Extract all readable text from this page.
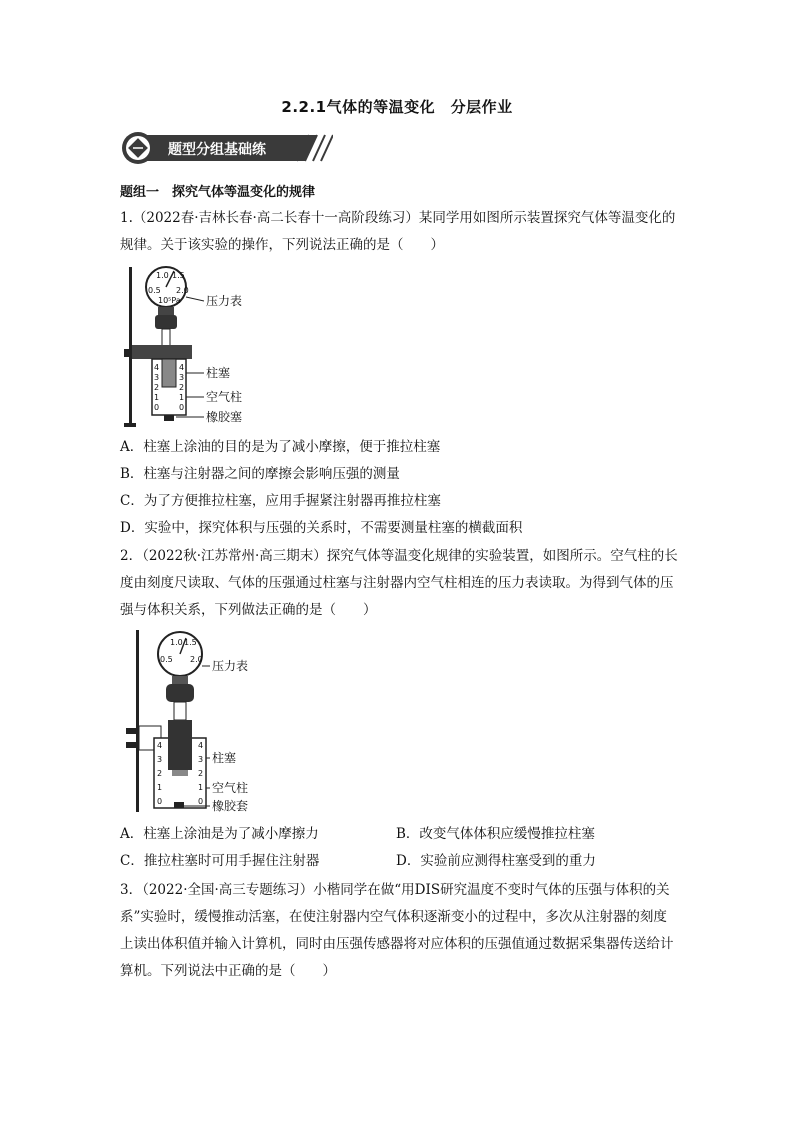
2.2.1气体的等温变化　分层作业
题型分组基础练
题组一　探究气体等温变化的规律
1.（2022春·吉林长春·高二长春十一高阶段练习）某同学用如图所示装置探究气体等温变化的规律。关于该实验的操作，下列说法正确的是（　　）
0.5
1.0 1.5
2.0
10⁵Pa 压力表
4
3
2
1
0
4
3
2
1
0
柱塞
空气柱
橡胶塞
A．柱塞上涂油的目的是为了减小摩擦，便于推拉柱塞
B．柱塞与注射器之间的摩擦会影响压强的测量
C．为了方便推拉柱塞，应用手握紧注射器再推拉柱塞
D．实验中，探究体积与压强的关系时，不需要测量柱塞的横截面积
2．（2022秋·江苏常州·高三期末）探究气体等温变化规律的实验装置，如图所示。空气柱的长度由刻度尺读取、气体的压强通过柱塞与注射器内空气柱相连的压力表读取。为得到气体的压强与体积关系，下列做法正确的是（　　）
0.5
1.0 1.5
2.0 压力表
4
3
2
1
0
4
3
2
1
0
柱塞
空气柱
橡胶套
A．柱塞上涂油是为了减小摩擦力	B．改变气体体积应缓慢推拉柱塞
C．推拉柱塞时可用手握住注射器	D．实验前应测得柱塞受到的重力
3．（2022·全国·高三专题练习）小楷同学在做“用DIS研究温度不变时气体的压强与体积的关系”实验时，缓慢推动活塞，在使注射器内空气体积逐渐变小的过程中，多次从注射器的刻度上读出体积值并输入计算机，同时由压强传感器将对应体积的压强值通过数据采集器传送给计算机。下列说法中正确的是（　　）
